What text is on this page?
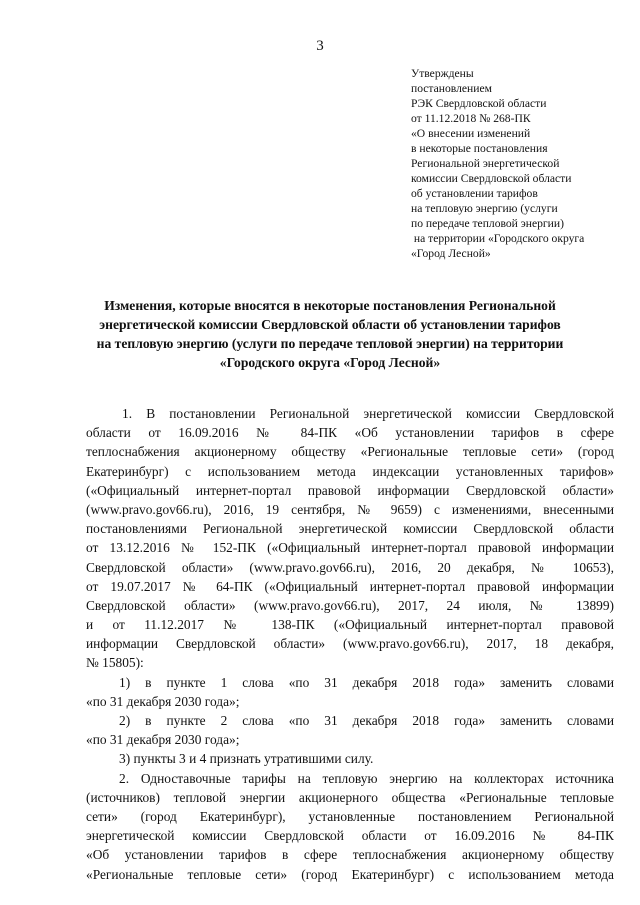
3
Утверждены
постановлением
РЭК Свердловской области
от 11.12.2018 № 268-ПК
«О внесении изменений
в некоторые постановления
Региональной энергетической
комиссии Свердловской области
об установлении тарифов
на тепловую энергию (услуги
по передаче тепловой энергии)
на территории «Городского округа
«Город Лесной»
Изменения, которые вносятся в некоторые постановления Региональной
энергетической комиссии Свердловской области об установлении тарифов
на тепловую энергию (услуги по передаче тепловой энергии) на территории
«Городского округа «Город Лесной»
1. В постановлении Региональной энергетической комиссии Свердловской
области от 16.09.2016 № 84-ПК «Об установлении тарифов в сфере
теплоснабжения акционерному обществу «Региональные тепловые сети» (город
Екатеринбург) с использованием метода индексации установленных тарифов»
(«Официальный интернет-портал правовой информации Свердловской области»
(www.pravo.gov66.ru), 2016, 19 сентября, № 9659) с изменениями, внесенными
постановлениями Региональной энергетической комиссии Свердловской области
от 13.12.2016 № 152-ПК («Официальный интернет-портал правовой информации
Свердловской области» (www.pravo.gov66.ru), 2016, 20 декабря, № 10653),
от 19.07.2017 № 64-ПК («Официальный интернет-портал правовой информации
Свердловской области» (www.pravo.gov66.ru), 2017, 24 июля, № 13899)
и от 11.12.2017 № 138-ПК («Официальный интернет-портал правовой
информации Свердловской области» (www.pravo.gov66.ru), 2017, 18 декабря,
№ 15805):
1) в пункте 1 слова «по 31 декабря 2018 года» заменить словами
«по 31 декабря 2030 года»;
2) в пункте 2 слова «по 31 декабря 2018 года» заменить словами
«по 31 декабря 2030 года»;
3) пункты 3 и 4 признать утратившими силу.
2. Одноставочные тарифы на тепловую энергию на коллекторах источника
(источников) тепловой энергии акционерного общества «Региональные тепловые
сети» (город Екатеринбург), установленные постановлением Региональной
энергетической комиссии Свердловской области от 16.09.2016 № 84-ПК
«Об установлении тарифов в сфере теплоснабжения акционерному обществу
«Региональные тепловые сети» (город Екатеринбург) с использованием метода
